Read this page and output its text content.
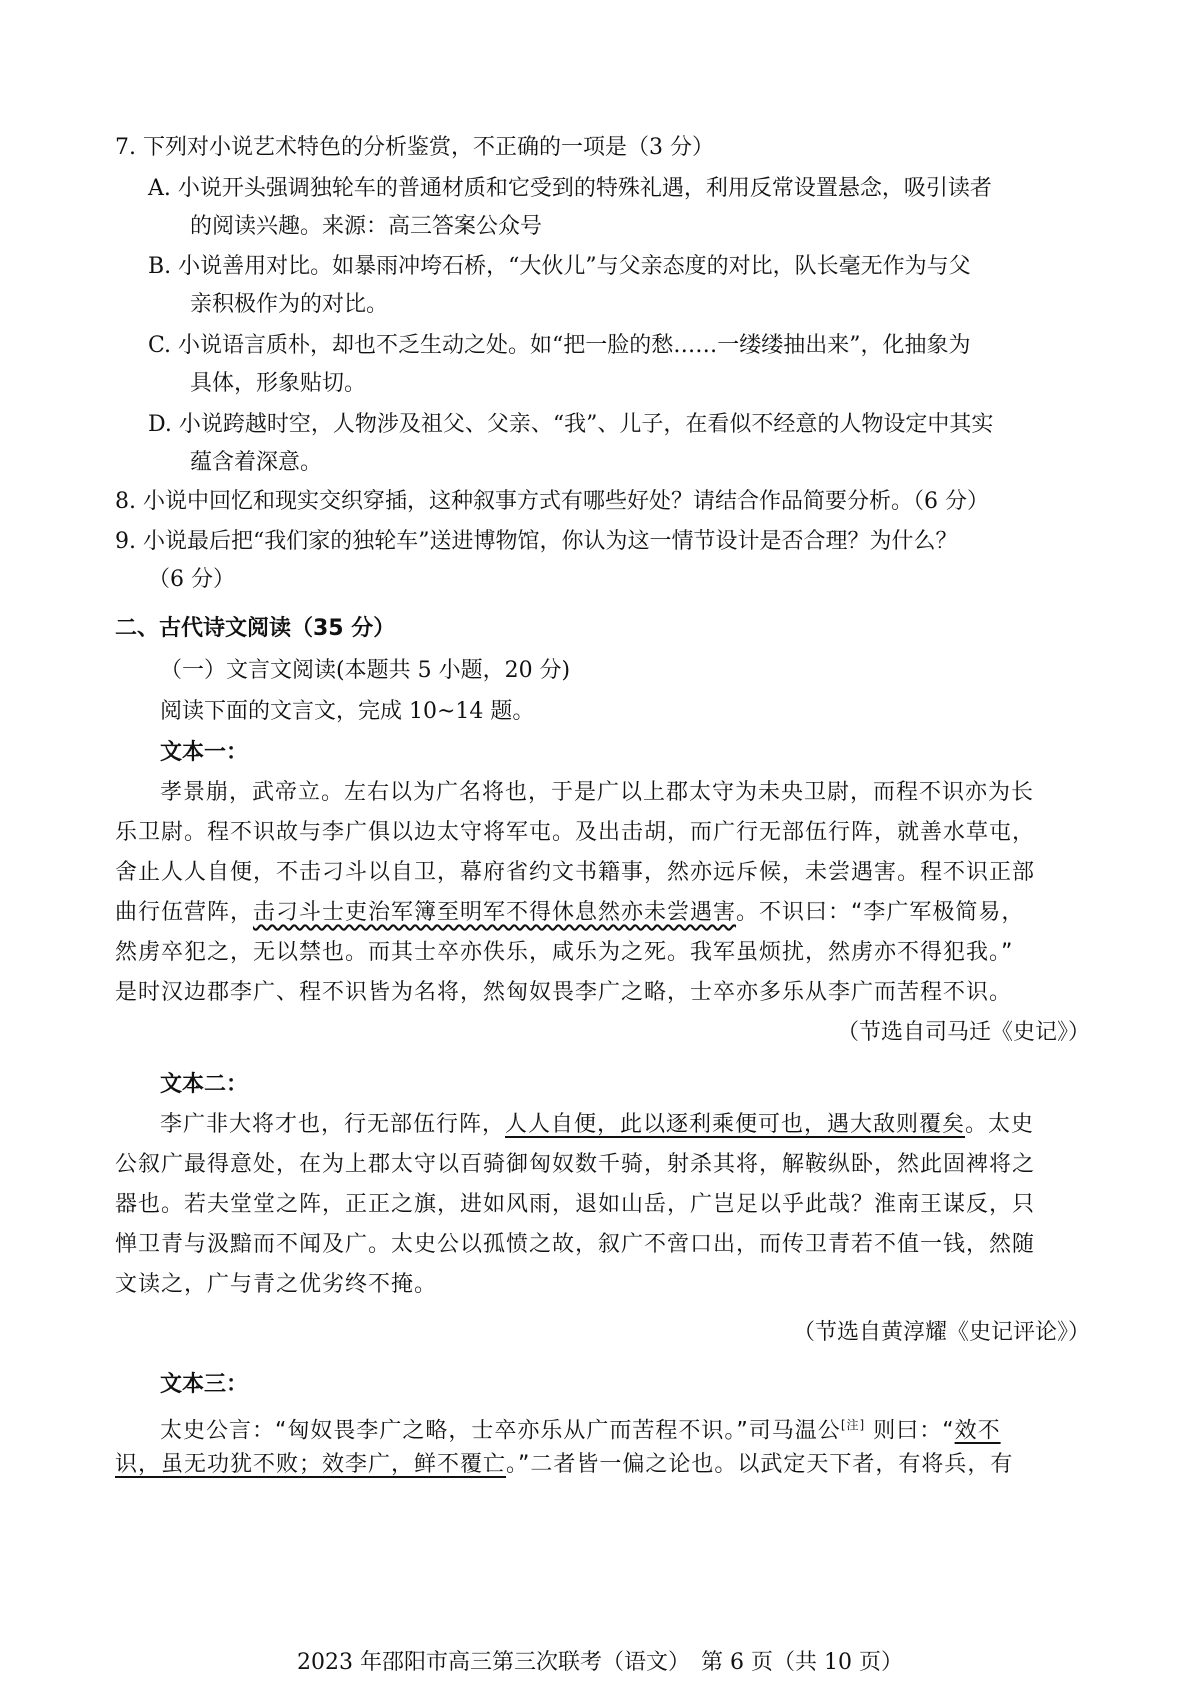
7. 下列对小说艺术特色的分析鉴赏，不正确的一项是（3 分）
A. 小说开头强调独轮车的普通材质和它受到的特殊礼遇，利用反常设置悬念，吸引读者
的阅读兴趣。来源：高三答案公众号
B. 小说善用对比。如暴雨冲垮石桥，“大伙儿”与父亲态度的对比，队长毫无作为与父
亲积极作为的对比。
C. 小说语言质朴，却也不乏生动之处。如“把一脸的愁……一缕缕抽出来”，化抽象为
具体，形象贴切。
D. 小说跨越时空，人物涉及祖父、父亲、“我”、儿子，在看似不经意的人物设定中其实
蕴含着深意。
8. 小说中回忆和现实交织穿插，这种叙事方式有哪些好处？请结合作品简要分析。（6 分）
9. 小说最后把“我们家的独轮车”送进博物馆，你认为这一情节设计是否合理？为什么？
（6 分）
二、古代诗文阅读（35 分）
（一）文言文阅读(本题共 5 小题，20 分)
阅读下面的文言文，完成 10~14 题。
文本一：
孝景崩，武帝立。左右以为广名将也，于是广以上郡太守为未央卫尉，而程不识亦为长
乐卫尉。程不识故与李广俱以边太守将军屯。及出击胡，而广行无部伍行阵，就善水草屯，
舍止人人自便，不击刁斗以自卫，幕府省约文书籍事，然亦远斥候，未尝遇害。程不识正部
曲行伍营阵，击刁斗士吏治军簿至明军不得休息然亦未尝遇害。不识曰：“李广军极简易，
然虏卒犯之，无以禁也。而其士卒亦佚乐，咸乐为之死。我军虽烦扰，然虏亦不得犯我。”
是时汉边郡李广、程不识皆为名将，然匈奴畏李广之略，士卒亦多乐从李广而苦程不识。
（节选自司马迁《史记》）
文本二：
李广非大将才也，行无部伍行阵，人人自便，此以逐利乘便可也，遇大敌则覆矣。太史
公叙广最得意处，在为上郡太守以百骑御匈奴数千骑，射杀其将，解鞍纵卧，然此固裨将之
器也。若夫堂堂之阵，正正之旗，进如风雨，退如山岳，广岂足以乎此哉？淮南王谋反，只
惮卫青与汲黯而不闻及广。太史公以孤愤之故，叙广不啻口出，而传卫青若不值一钱，然随
文读之，广与青之优劣终不掩。
（节选自黄淳耀《史记评论》）
文本三：
太史公言：“匈奴畏李广之略，士卒亦乐从广而苦程不识。”司马温公[注] 则曰：“效不
识，虽无功犹不败；效李广，鲜不覆亡。”二者皆一偏之论也。以武定天下者，有将兵，有
2023 年邵阳市高三第三次联考（语文）　第 6 页（共 10 页）
